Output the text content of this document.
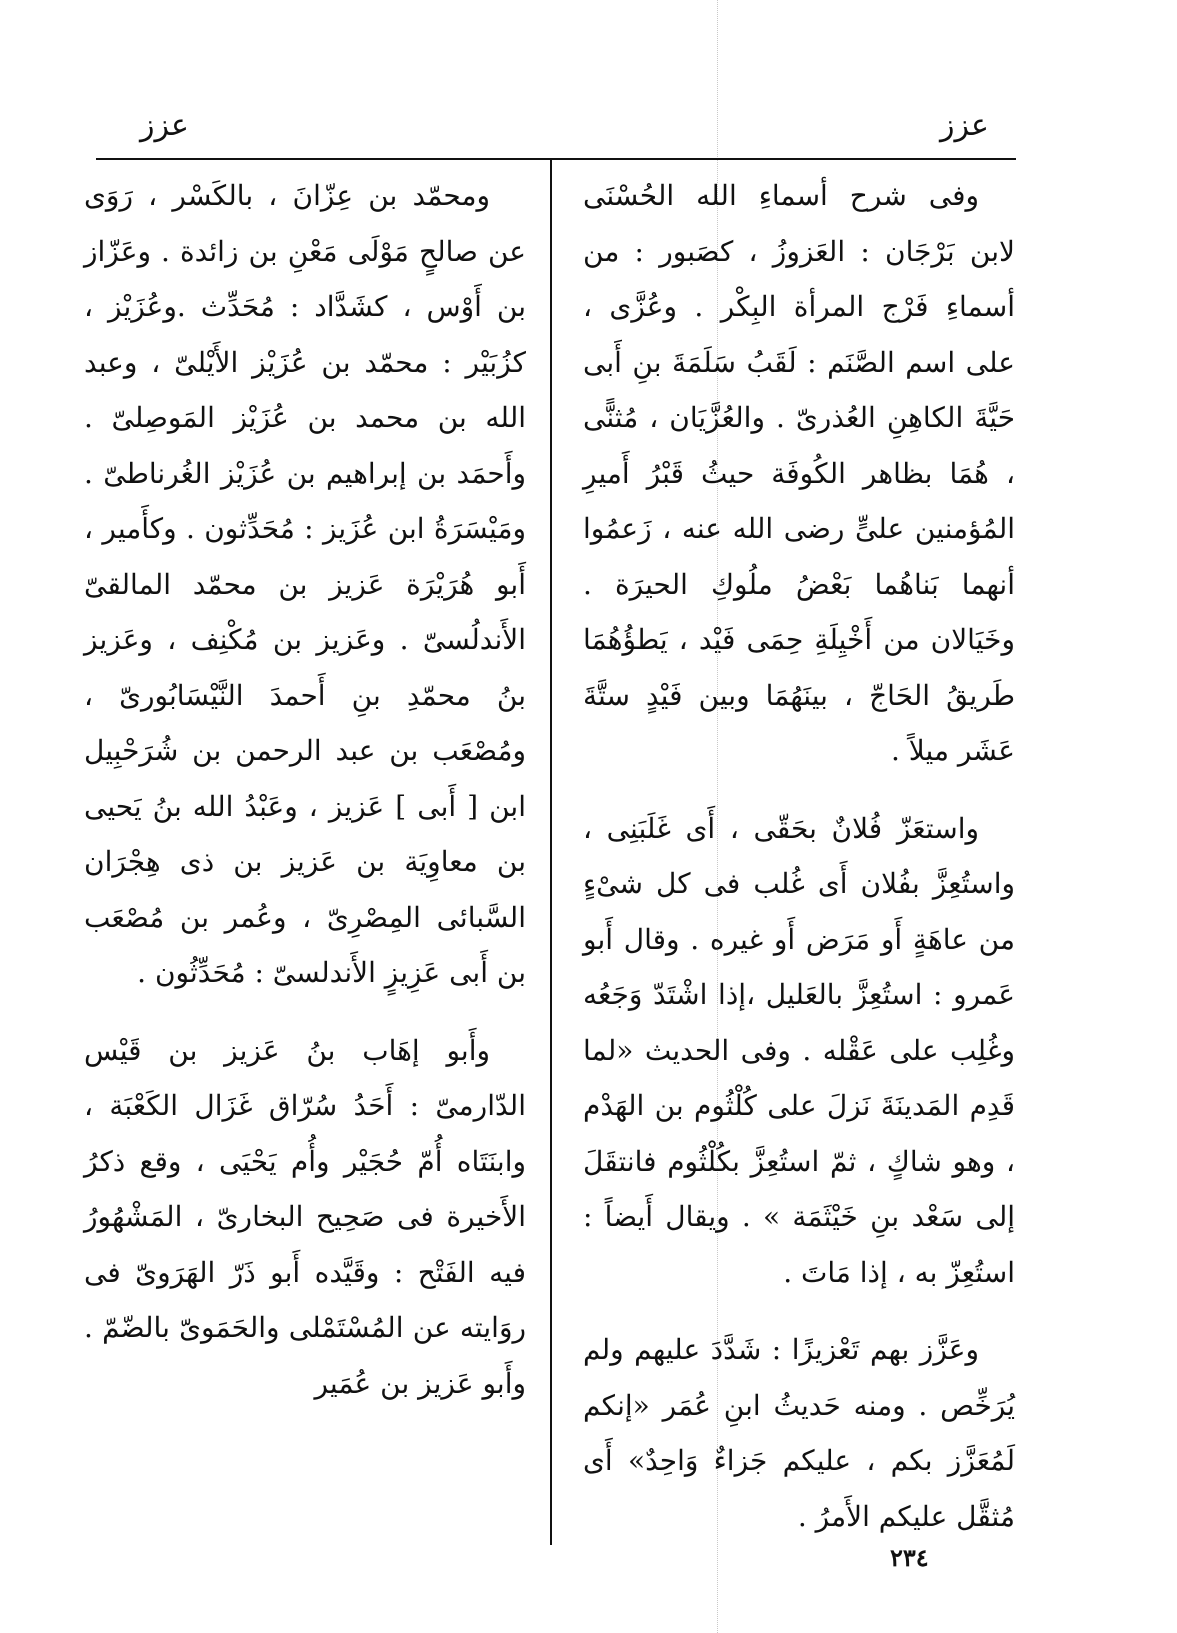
عزز	عزز

وفى شرح أسماءِ الله الحُسْنَى لابن بَرْجَان : العَزوزُ ، كصَبور : من أسماءِ فَرْج المرأة البِكْر . وعُزَّى ، على اسم الصَّنَم : لَقَبُ سَلَمَةَ بنِ أَبى حَيَّةَ الكاهِنِ العُذرىّ . والعُزَّيَان ، مُثنًّى ، هُمَا بظاهر الكُوفَة حيثُ قَبْرُ أَميرِ المُؤمنين علىٍّ رضى الله عنه ، زَعمُوا أنهما بَناهُما بَعْضُ ملُوكِ الحيرَة . وخَيَالان من أَخْيِلَةِ حِمَى فَيْد ، يَطؤُهُمَا طَريقُ الحَاجّ ، بينَهُمَا وبين فَيْدٍ ستَّةَ عَشَر ميلاً .

واستعَزّ فُلانٌ بحَقّى ، أَى غَلَبَنِى ، واستُعِزَّ بفُلان أَى غُلب فى كل شىْءٍ من عاهَةٍ أَو مَرَض أَو غيره . وقال أَبو عَمرو : استُعِزَّ بالعَليل ،إذا اشْتَدّ وَجَعُه وغُلِب على عَقْله . وفى الحديث «لما قَدِم المَدينَةَ نَزلَ على كُلْثُوم بن الهَدْم ، وهو شاكٍ ، ثمّ استُعِزَّ بكُلْثُوم فانتقَلَ إلى سَعْد بنِ خَيْثَمَة » . ويقال أَيضاً : استُعِزّ به ، إذا مَاتَ .

وعَزَّز بهم تَعْزيزًا : شَدَّدَ عليهم ولم يُرَخِّص . ومنه حَديثُ ابنِ عُمَر «إنكم لَمُعَزَّز بكم ، عليكم جَزاءٌ وَاحِدٌ» أَى مُثقَّل عليكم الأَمرُ .

ومحمّد بن عِزّانَ ، بالكَسْر ، رَوَى عن صالحٍ مَوْلَى مَعْنِ بن زائدة . وعَزّاز بن أَوْس ، كشَدَّاد : مُحَدِّث .وعُزَيْز ، كزُبَيْر : محمّد بن عُزَيْز الأَيْلىّ ، وعبد الله بن محمد بن عُزَيْز المَوصِلىّ . وأَحمَد بن إبراهيم بن عُزَيْز الغُرناطىّ . ومَيْسَرَةُ ابن عُزَيز : مُحَدِّثون . وكأَمير ، أَبو هُرَيْرَة عَزيز بن محمّد المالقىّ الأَندلُسىّ . وعَزيز بن مُكْنِف ، وعَزيز بنُ محمّدِ بنِ أَحمدَ النَّيْسَابُورىّ ، ومُصْعَب بن عبد الرحمن بن شُرَحْبِيل ابن [ أَبى ] عَزيز ، وعَبْدُ الله بنُ يَحيى بن معاوِيَة بن عَزيز بن ذى هِجْرَان السَّبائى المِصْرِىّ ، وعُمر بن مُصْعَب بن أَبى عَزِيزٍ الأَندلسىّ : مُحَدِّثُون .

وأَبو إهَاب بنُ عَزيز بن قَيْس الدّارمىّ : أَحَدُ سُرّاق غَزَال الكَعْبَة ، وابنَتَاه أُمّ حُجَيْر وأُم يَحْيَى ، وقع ذكرُ الأَخيرة فى صَحِيح البخارىّ ، المَشْهُورُ فيه الفَتْح : وقَيَّده أَبو ذَرّ الهَرَوىّ فى روَايته عن المُسْتَمْلى والحَمَوىّ بالضّمّ . وأَبو عَزيز بن عُمَير

٢٣٤
